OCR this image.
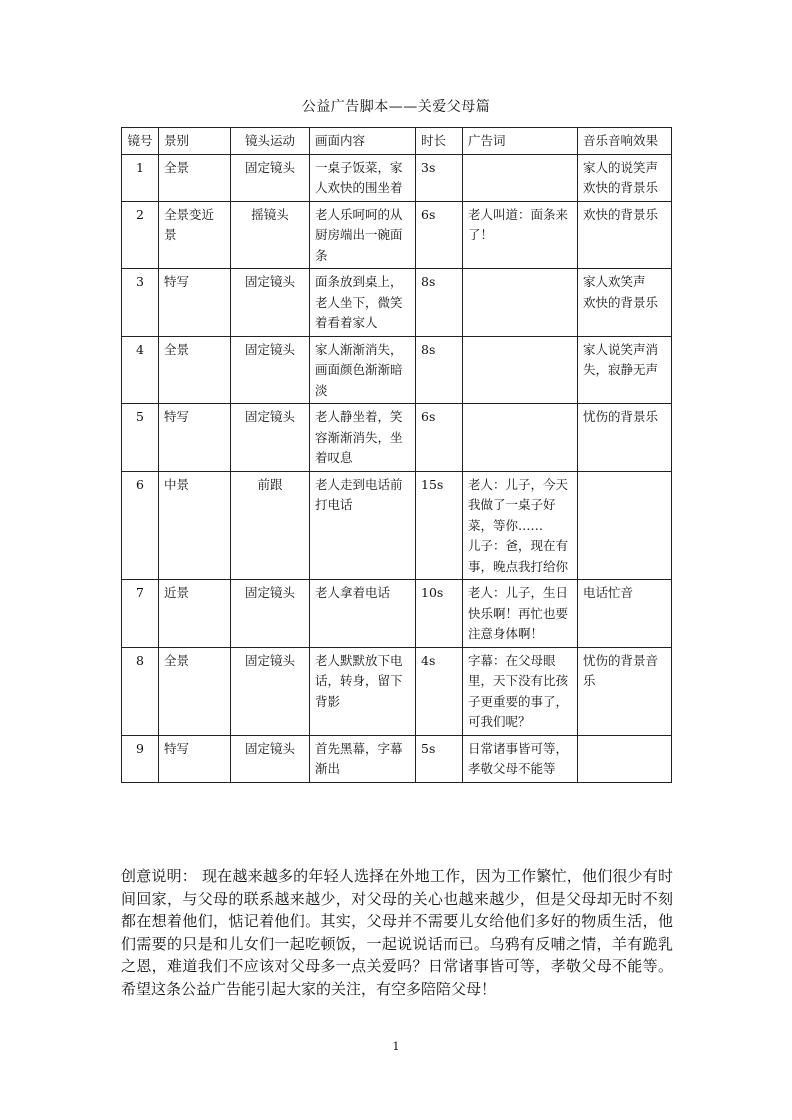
公益广告脚本——关爱父母篇
镜号	景别	镜头运动	画面内容	时长	广告词	音乐音响效果
1	全景	固定镜头	一桌子饭菜，家人欢快的围坐着	3s		家人的说笑声
欢快的背景乐
2	全景变近景	摇镜头	老人乐呵呵的从厨房端出一碗面条	6s	老人叫道：面条来了！	欢快的背景乐
3	特写	固定镜头	面条放到桌上，老人坐下，微笑着看着家人	8s		家人欢笑声
欢快的背景乐
4	全景	固定镜头	家人渐渐消失，画面颜色渐渐暗淡	8s		家人说笑声消失，寂静无声
5	特写	固定镜头	老人静坐着，笑容渐渐消失，坐着叹息	6s		忧伤的背景乐
6	中景	前跟	老人走到电话前打电话	15s	老人：儿子，今天我做了一桌子好菜，等你……
儿子：爸，现在有事，晚点我打给你	
7	近景	固定镜头	老人拿着电话	10s	老人：儿子，生日快乐啊！再忙也要注意身体啊！	电话忙音
8	全景	固定镜头	老人默默放下电话，转身，留下背影	4s	字幕：在父母眼里，天下没有比孩子更重要的事了，可我们呢？	忧伤的背景音乐
9	特写	固定镜头	首先黑幕，字幕渐出	5s	日常诸事皆可等，孝敬父母不能等	
创意说明： 现在越来越多的年轻人选择在外地工作，因为工作繁忙，他们很少有时间回家，与父母的联系越来越少，对父母的关心也越来越少，但是父母却无时不刻都在想着他们，惦记着他们。其实，父母并不需要儿女给他们多好的物质生活，他们需要的只是和儿女们一起吃顿饭，一起说说话而已。乌鸦有反哺之情，羊有跪乳之恩，难道我们不应该对父母多一点关爱吗？日常诸事皆可等，孝敬父母不能等。希望这条公益广告能引起大家的关注，有空多陪陪父母！
1
